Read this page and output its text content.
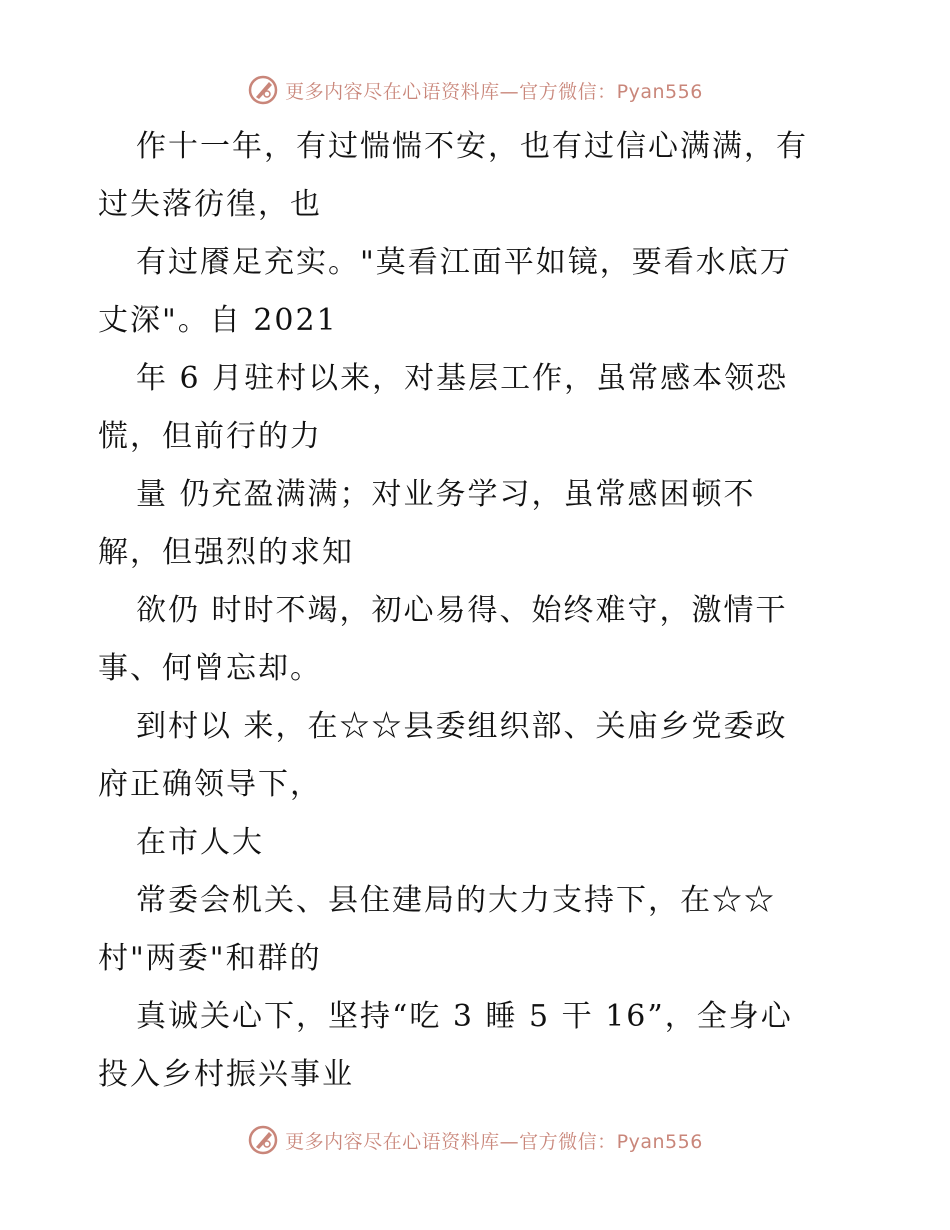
更多内容尽在心语资料库—官方微信：Pyan556
作十一年，有过惴惴不安，也有过信心满满，有
过失落彷徨，也
有过餍足充实。"莫看江面平如镜，要看水底万
丈深"。自 2021
年 6 月驻村以来，对基层工作，虽常感本领恐
慌，但前行的力
量 仍充盈满满；对业务学习，虽常感困顿不
解，但强烈的求知
欲仍 时时不竭，初心易得、始终难守，激情干
事、何曾忘却。
到村以 来，在☆☆县委组织部、关庙乡党委政
府正确领导下，
在市人大
常委会机关、县住建局的大力支持下，在☆☆
村"两委"和群的
真诚关心下，坚持“吃 3 睡 5 干 16”，全身心
投入乡村振兴事业
更多内容尽在心语资料库—官方微信：Pyan556
